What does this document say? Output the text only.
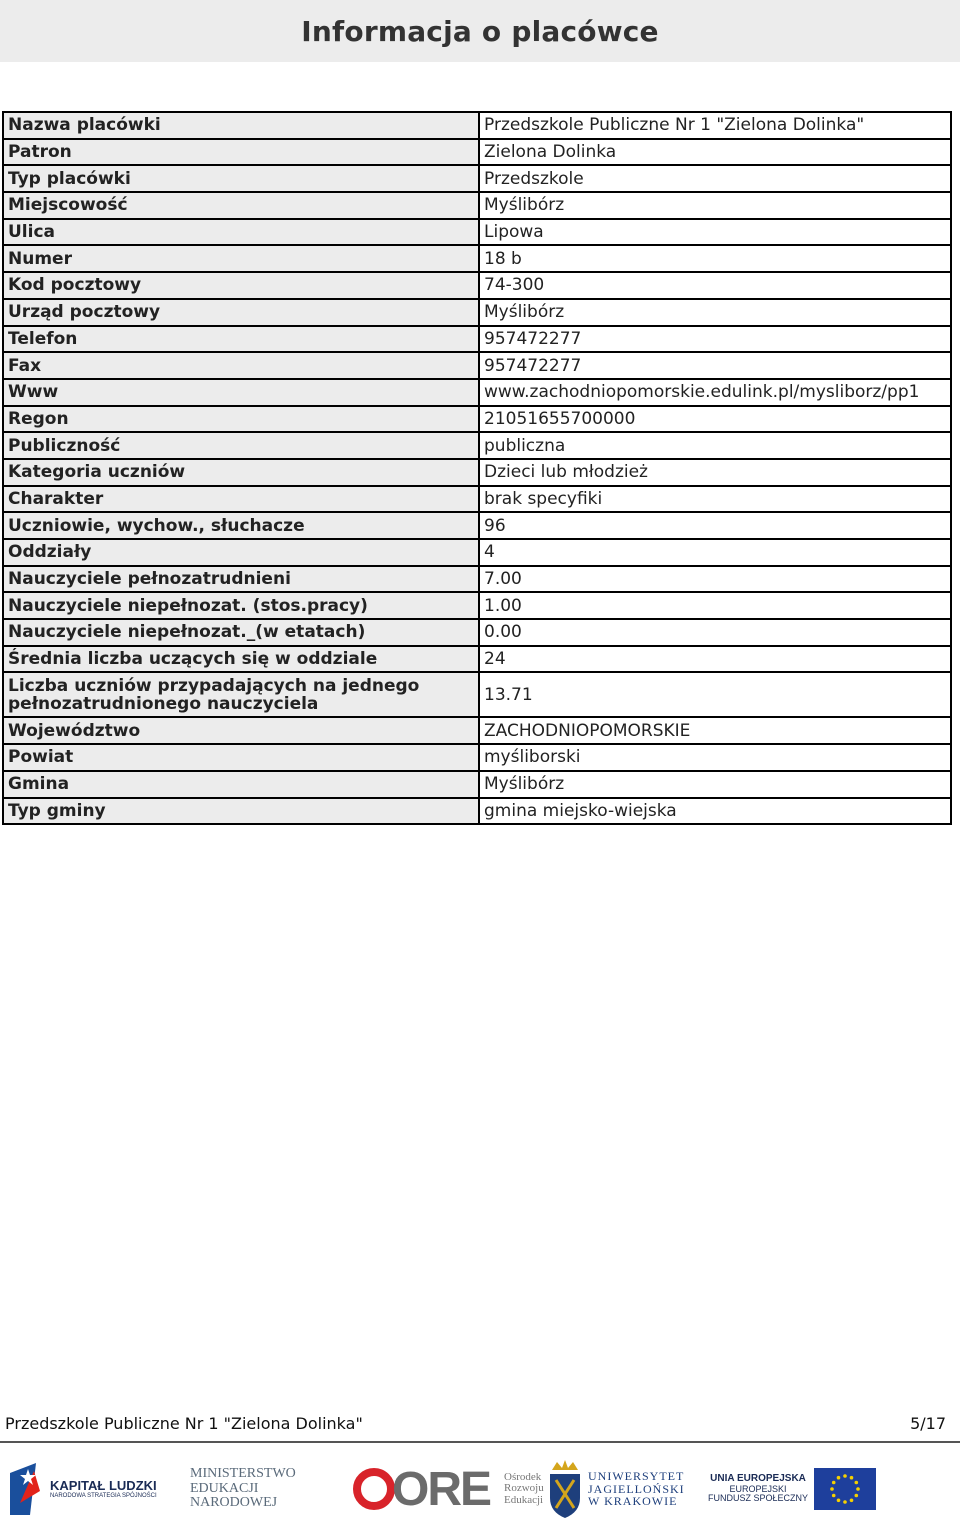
Informacja o placówce
Nazwa placówki	Przedszkole Publiczne Nr 1 "Zielona Dolinka"
Patron	Zielona Dolinka
Typ placówki	Przedszkole
Miejscowość	Myślibórz
Ulica	Lipowa
Numer	18 b
Kod pocztowy	74-300
Urząd pocztowy	Myślibórz
Telefon	957472277
Fax	957472277
Www	www.zachodniopomorskie.edulink.pl/mysliborz/pp1
Regon	21051655700000
Publiczność	publiczna
Kategoria uczniów	Dzieci lub młodzież
Charakter	brak specyfiki
Uczniowie, wychow., słuchacze	96
Oddziały	4
Nauczyciele pełnozatrudnieni	7.00
Nauczyciele niepełnozat. (stos.pracy)	1.00
Nauczyciele niepełnozat._(w etatach)	0.00
Średnia liczba uczących się w oddziale	24
Liczba uczniów przypadających na jednego pełnozatrudnionego nauczyciela	13.71
Województwo	ZACHODNIOPOMORSKIE
Powiat	myśliborski
Gmina	Myślibórz
Typ gminy	gmina miejsko-wiejska
Przedszkole Publiczne Nr 1 "Zielona Dolinka"	5/17
KAPITAŁ LUDZKI
NARODOWA STRATEGIA SPÓJNOŚCI
MINISTERSTWO
EDUKACJI
NARODOWEJ	ORE Ośrodek
Rozwoju
Edukacji
UNIWERSYTET
JAGIELLOŃSKI
W KRAKOWIE
UNIA EUROPEJSKA
EUROPEJSKI
FUNDUSZ SPOŁECZNY
